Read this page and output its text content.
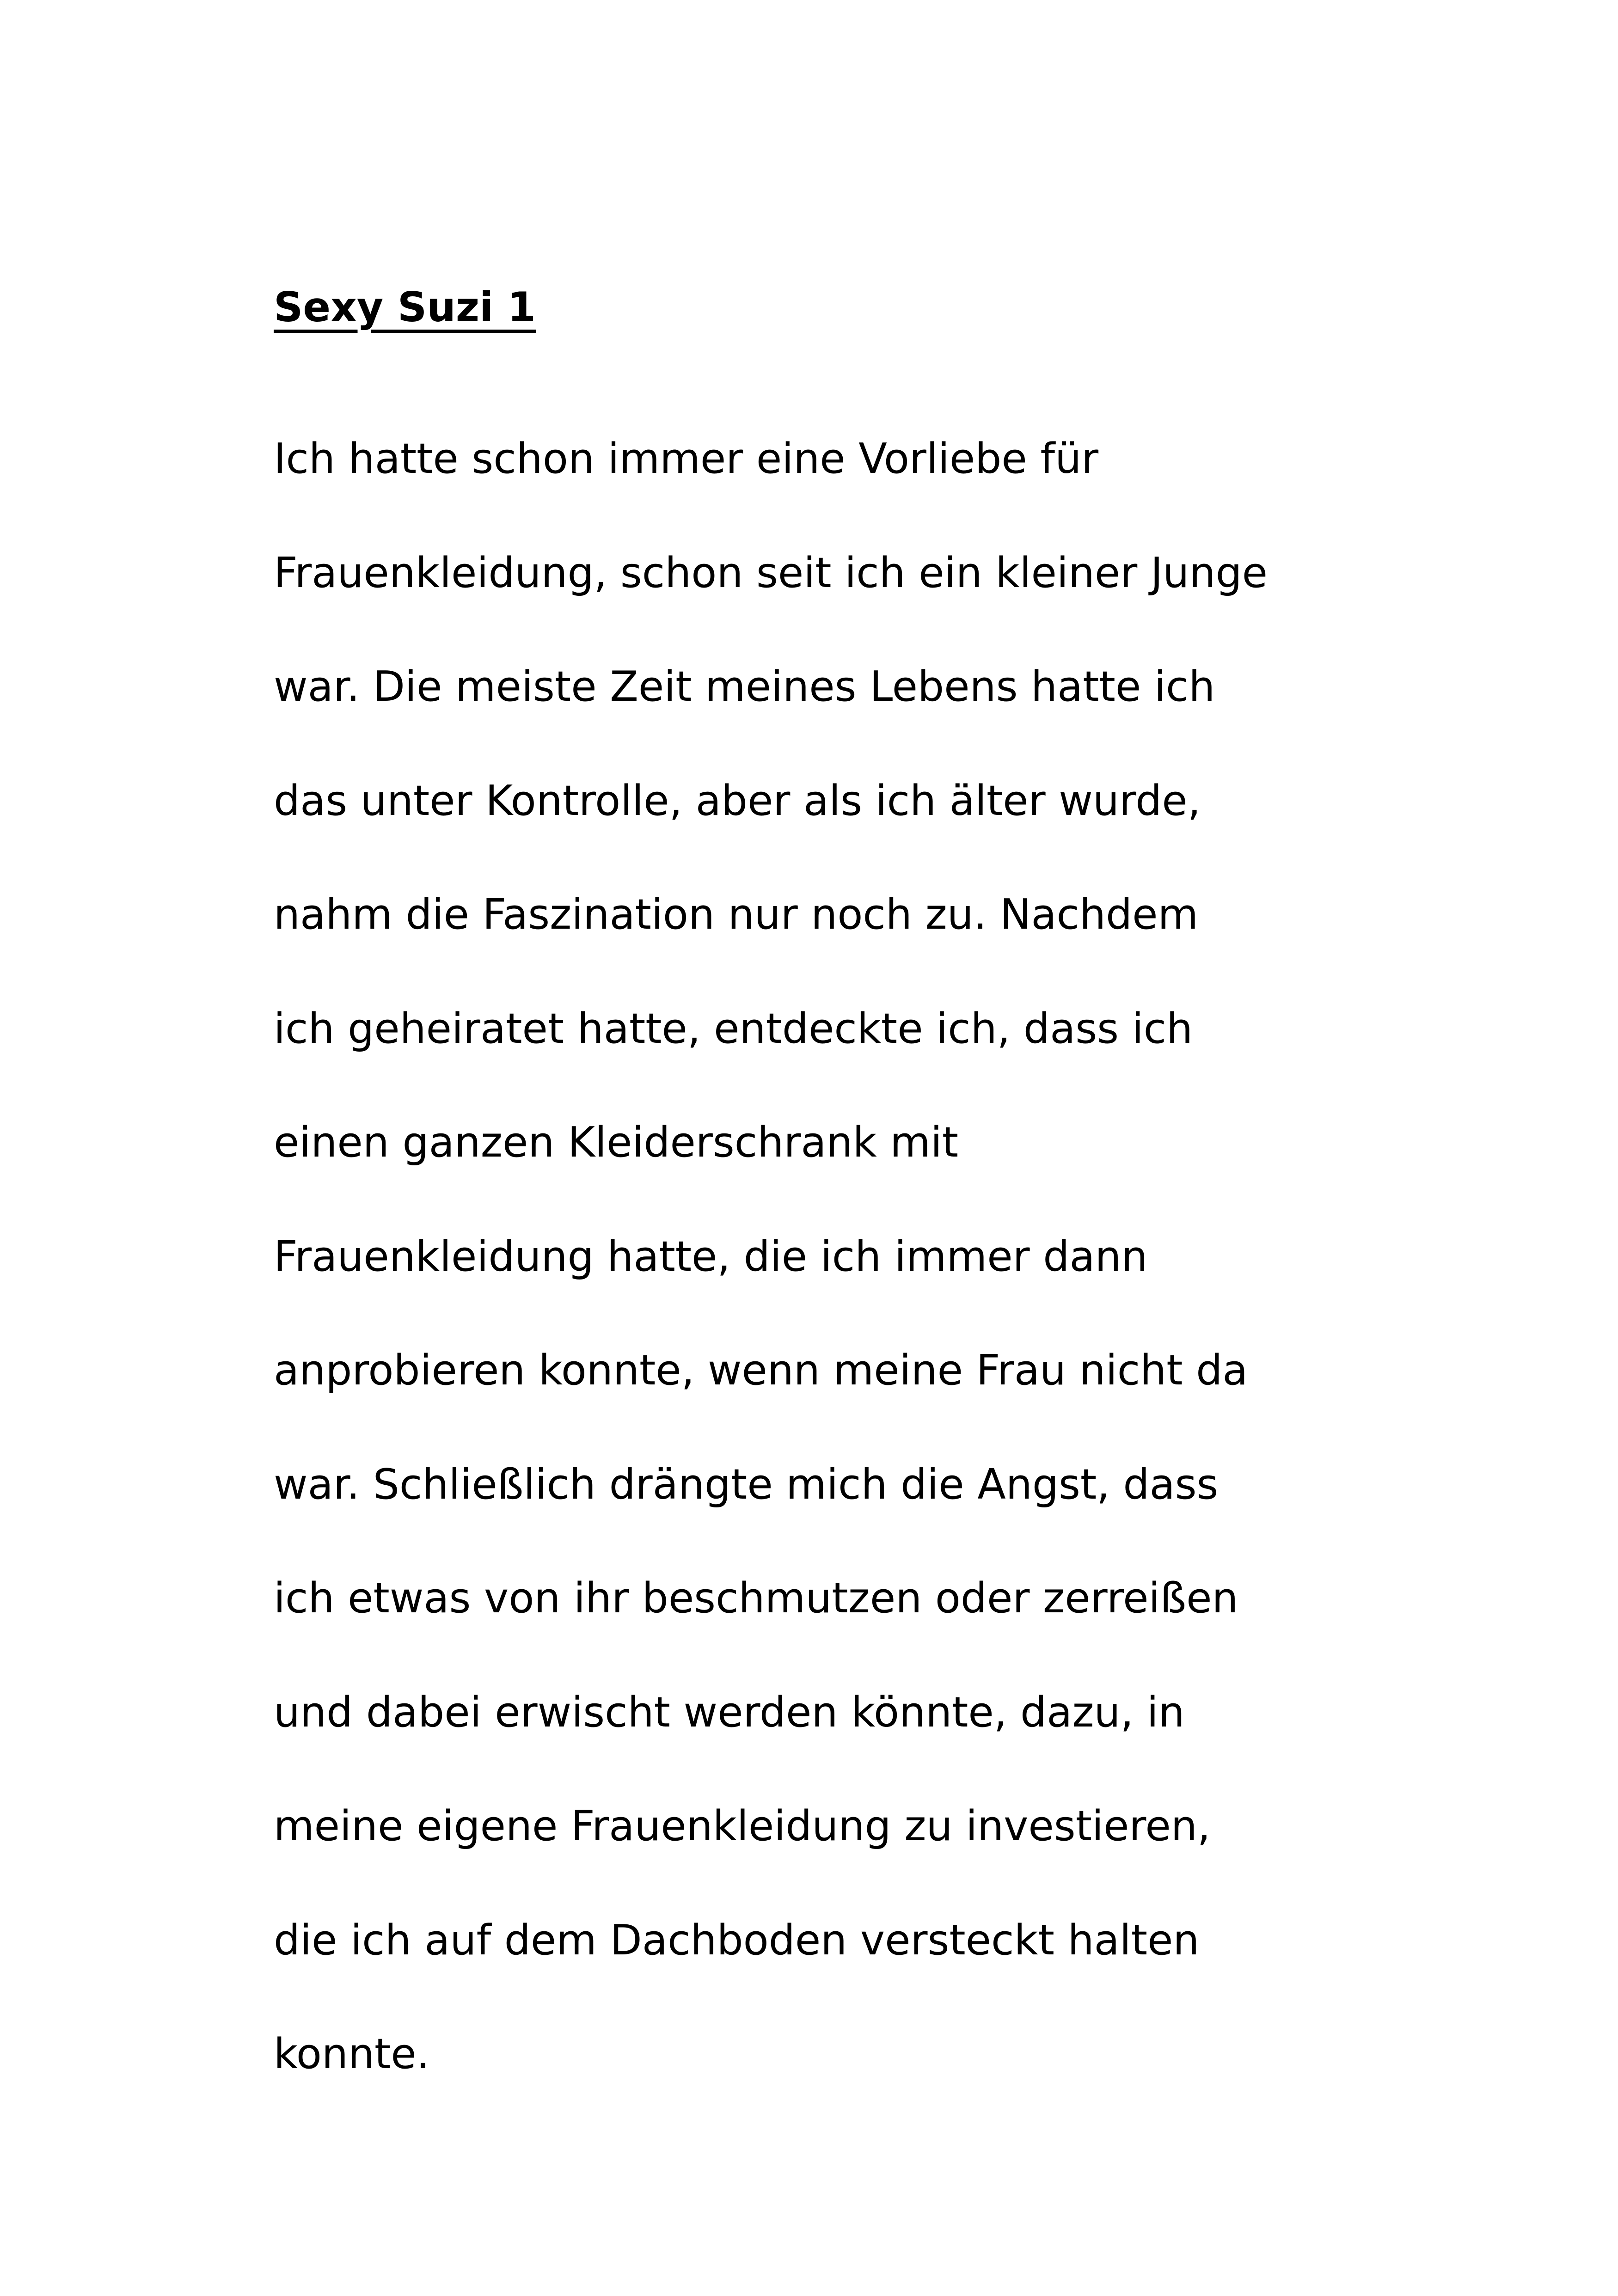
Sexy Suzi 1
Ich hatte schon immer eine Vorliebe für
Frauenkleidung, schon seit ich ein kleiner Junge
war. Die meiste Zeit meines Lebens hatte ich
das unter Kontrolle, aber als ich älter wurde,
nahm die Faszination nur noch zu. Nachdem
ich geheiratet hatte, entdeckte ich, dass ich
einen ganzen Kleiderschrank mit
Frauenkleidung hatte, die ich immer dann
anprobieren konnte, wenn meine Frau nicht da
war. Schließlich drängte mich die Angst, dass
ich etwas von ihr beschmutzen oder zerreißen
und dabei erwischt werden könnte, dazu, in
meine eigene Frauenkleidung zu investieren,
die ich auf dem Dachboden versteckt halten
konnte.
